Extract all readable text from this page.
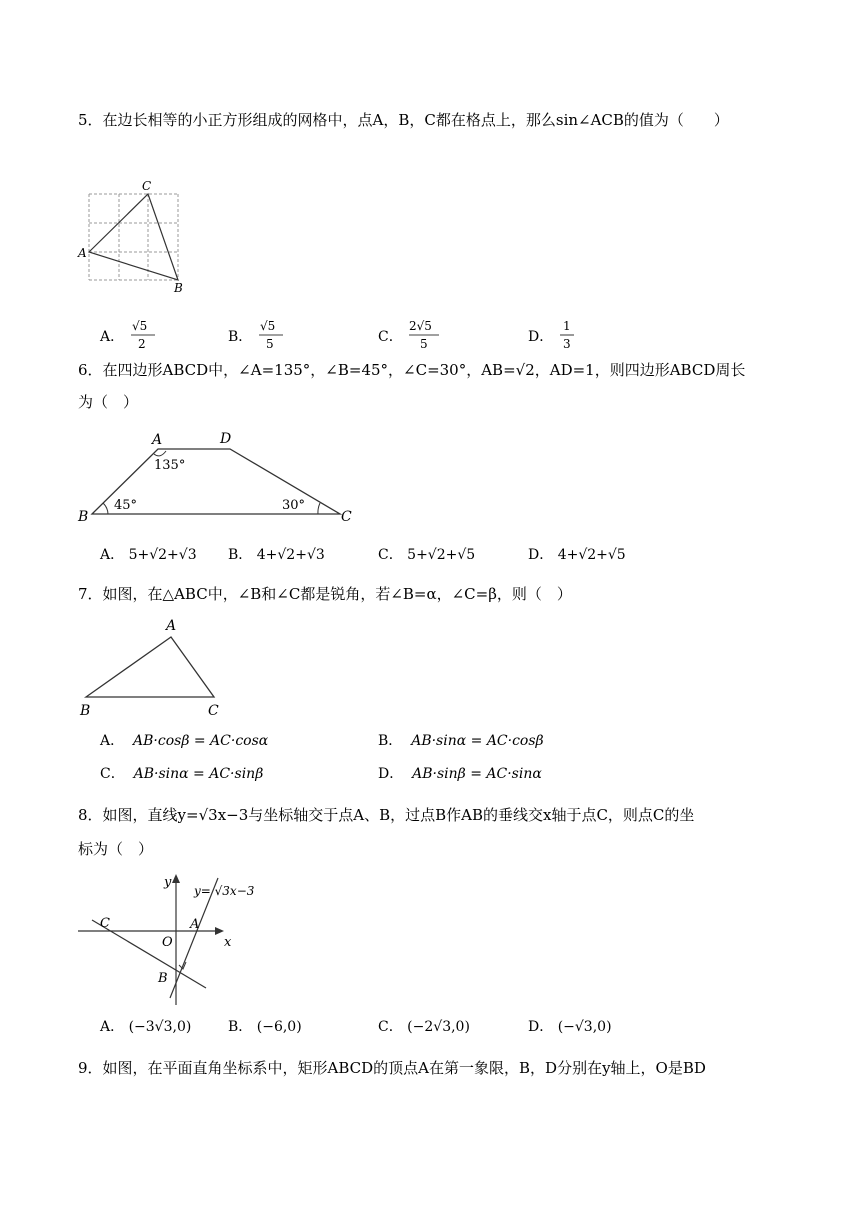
5．在边长相等的小正方形组成的网格中，点A，B，C都在格点上，那么sin∠ACB的值为（　　）
C
A
B
A．
√5
2	B．
√5
5	C．
2√5
5	D．
1
3
6．在四边形ABCD中，∠A=135°，∠B=45°，∠C=30°，AB=√2，AD=1，则四边形ABCD周长
为（　）
A	D
B	C
135°
45°	30°
A． 5+√2+√3 B． 4+√2+√3	C． 5+√2+√5	D． 4+√2+√5
7．如图，在△ABC中，∠B和∠C都是锐角，若∠B=α，∠C=β，则（　）
A
B	C
A． AB·cosβ = AC·cosα	B． AB·sinα = AC·cosβ
C． AB·sinα = AC·sinβ	D． AB·sinβ = AC·sinα
8．如图，直线y=√3x−3与坐标轴交于点A、B，过点B作AB的垂线交x轴于点C，则点C的坐
标为（　）
y
x
O
A
B
C
y= √3x−3
A． (−3√3,0)	B． (−6,0)	C． (−2√3,0)	D． (−√3,0)
9．如图，在平面直角坐标系中，矩形ABCD的顶点A在第一象限，B，D分别在y轴上，O是BD
